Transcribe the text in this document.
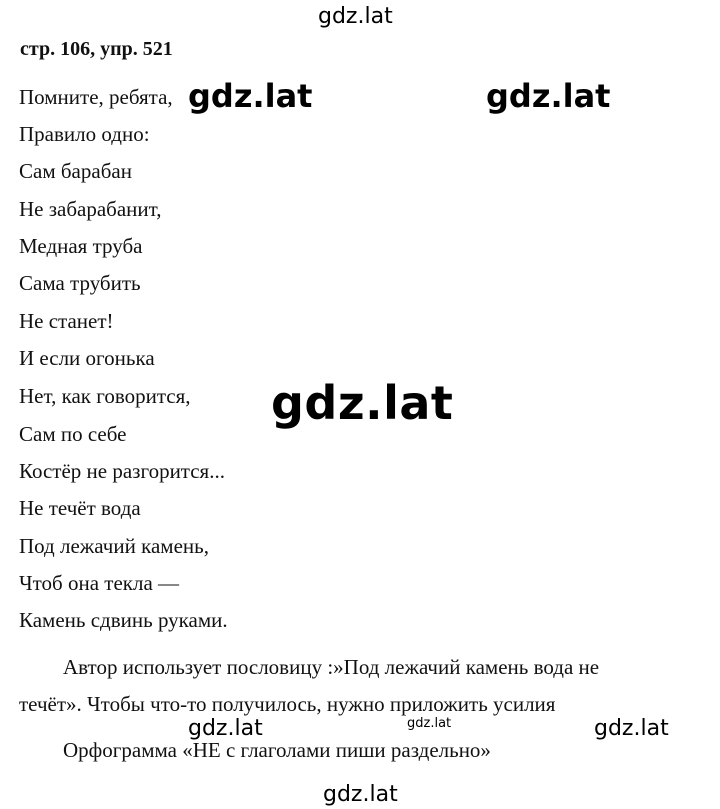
gdz.lat
стр. 106, упр. 521
Помните, ребята,
Правило одно:
Сам барабан
Не забарабанит,
Медная труба
Сама трубить
Не станет!
И если огонька
Нет, как говорится,
Сам по себе
Костёр не разгорится...
Не течёт вода
Под лежачий камень,
Чтоб она текла —
Камень сдвинь руками.
gdz.lat	gdz.lat
gdz.lat
Автор использует пословицу :»Под лежачий камень вода не
течёт». Чтобы что-то получилось, нужно приложить усилия
gdz.lat	gdz.lat	gdz.lat
Орфограмма «НЕ с глаголами пиши раздельно»
gdz.lat
